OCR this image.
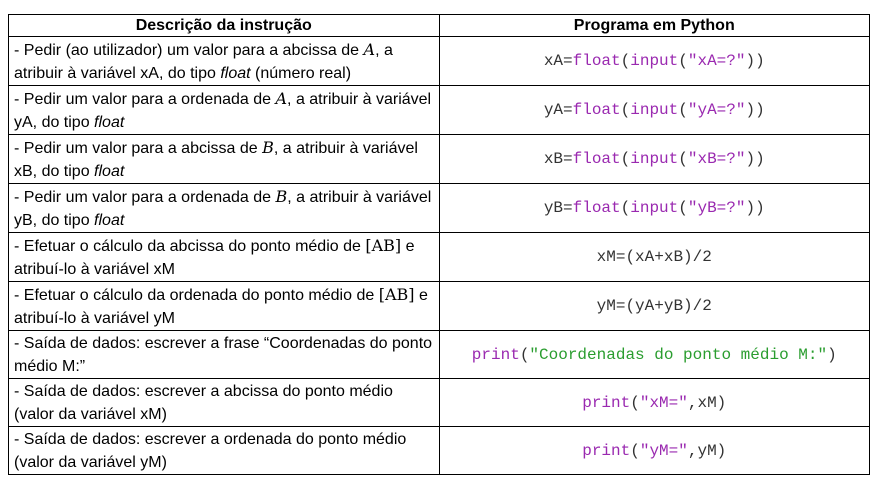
Descrição da instrução	Programa em Python
- Pedir (ao utilizador) um valor para a abcissa de A, a atribuir à variável xA, do tipo float (número real)	xA=float(input("xA=?"))
- Pedir um valor para a ordenada de A, a atribuir à variável yA, do tipo float	yA=float(input("yA=?"))
- Pedir um valor para a abcissa de B, a atribuir à variável xB, do tipo float	xB=float(input("xB=?"))
- Pedir um valor para a ordenada de B, a atribuir à variável yB, do tipo float	yB=float(input("yB=?"))
- Efetuar o cálculo da abcissa do ponto médio de [AB] e atribuí-lo à variável xM	xM=(xA+xB)/2
- Efetuar o cálculo da ordenada do ponto médio de [AB] e atribuí-lo à variável yM	yM=(yA+yB)/2
- Saída de dados: escrever a frase “Coordenadas do ponto médio M:”	print("Coordenadas do ponto médio M:")
- Saída de dados: escrever a abcissa do ponto médio (valor da variável xM)	print("xM=",xM)
- Saída de dados: escrever a ordenada do ponto médio (valor da variável yM)	print("yM=",yM)
